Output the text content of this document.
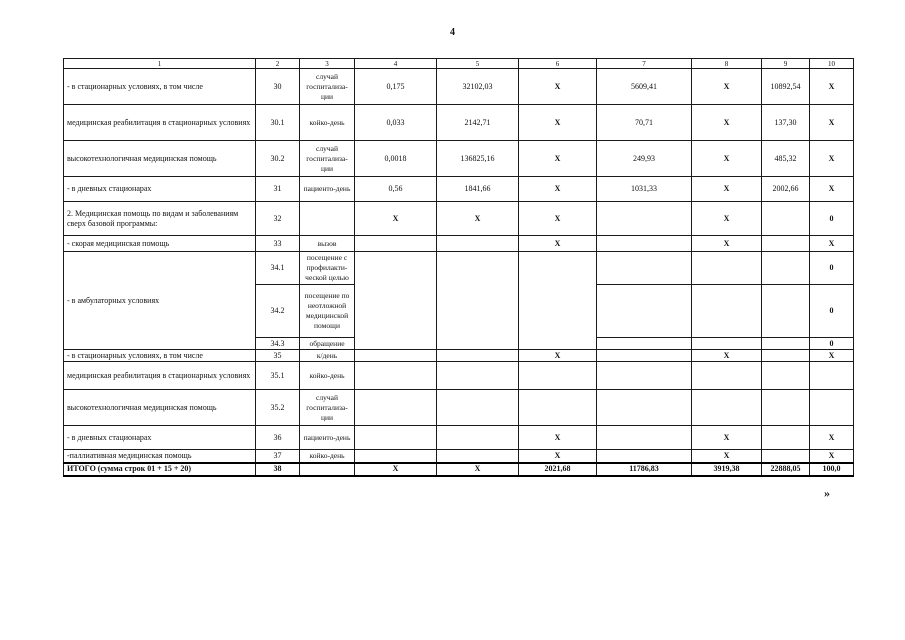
4
1	2	3	4	5	6	7	8	9	10
- в стационарных условиях, в том числе	30	случай госпитализа-ции	0,175	32102,03	X	5609,41	X	10892,54	X
медицинская реабилитация в стационарных условиях	30.1	койко-день	0,033	2142,71	X	70,71	X	137,30	X
высокотехнологичная медицинская помощь	30.2	случай госпитализа-ции	0,0018	136825,16	X	249,93	X	485,32	X
- в дневных стационарах	31	пациенто-день	0,56	1841,66	X	1031,33	X	2002,66	X
2. Медицинская помощь по видам и заболеваниям сверх базовой программы:	32		X	X	X		X		0
- скорая медицинская помощь	33	вызов			X		X		X
- в амбулаторных условиях	34.1	посещение с профилакти-ческой целью							0
	34.2	посещение по неотложной медицинской помощи							0
	34.3	обращение							0
- в стационарных условиях, в том числе	35	к/день			X		X		X
медицинская реабилитация в стационарных условиях	35.1	койко-день							
высокотехнологичная медицинская помощь	35.2	случай госпитализа-ции							
- в дневных стационарах	36	пациенто-день			X		X		X
-паллиативная медицинская помощь	37	койко-день			X		X		X
ИТОГО (сумма строк 01 + 15 + 20)	38		X	X	2021,68	11786,83	3919,38	22888,05	100,0
»
